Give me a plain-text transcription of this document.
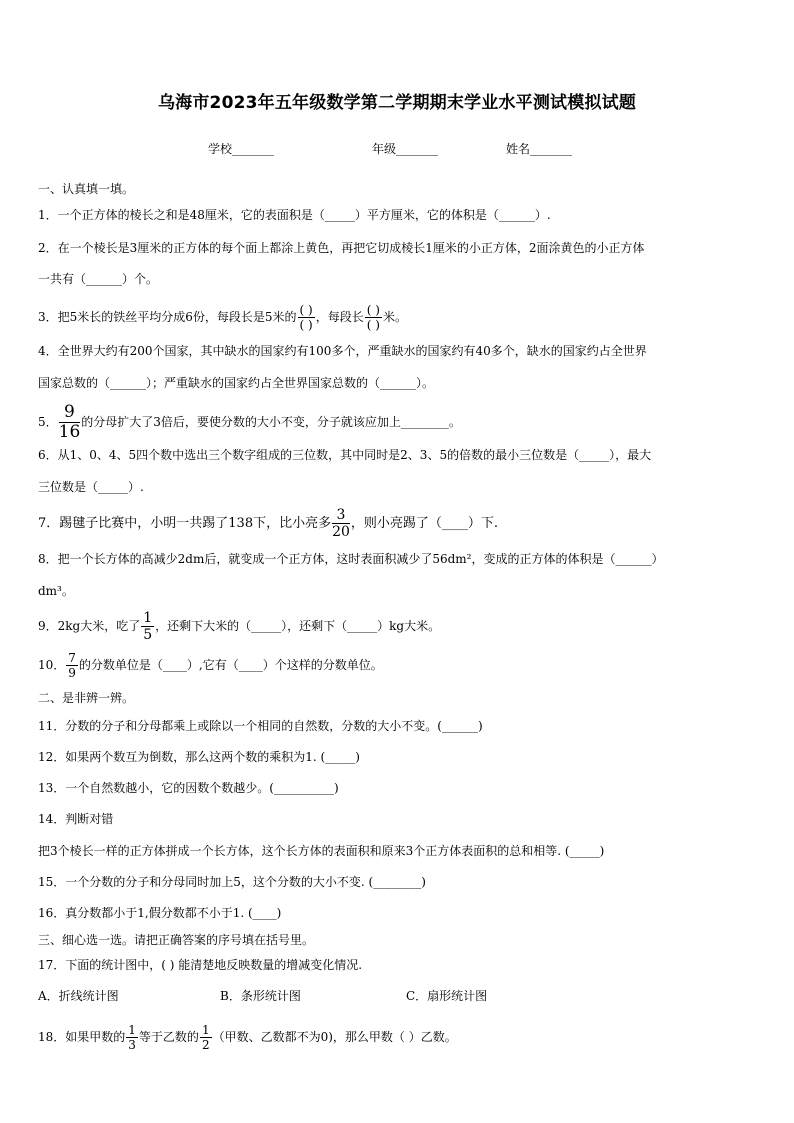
乌海市2023年五年级数学第二学期期末学业水平测试模拟试题
学校_______	年级_______	姓名_______
一、认真填一填。
1．一个正方体的棱长之和是48厘米，它的表面积是（_____）平方厘米，它的体积是（______）.
2．在一个棱长是3厘米的正方体的每个面上都涂上黄色，再把它切成棱长1厘米的小正方体，2面涂黄色的小正方体
一共有（______）个。
3．把5米长的铁丝平均分成6份，每段长是5米的 $\frac{( )}{( )}$ ，每段长 $\frac{( )}{( )}$ 米。
4．全世界大约有200个国家，其中缺水的国家约有100多个，严重缺水的国家约有40多个，缺水的国家约占全世界
国家总数的（______）；严重缺水的国家约占全世界国家总数的（______）。
5． $\frac{9}{16}$ 的分母扩大了3倍后，要使分数的大小不变，分子就该应加上________。
6．从1、0、4、5四个数中选出三个数字组成的三位数，其中同时是2、3、5的倍数的最小三位数是（_____），最大
三位数是（_____）.
7．踢毽子比赛中，小明一共踢了138下，比小亮多 $\frac{3}{20}$ ，则小亮踢了（____）下.
8．把一个长方体的高减少2dm后，就变成一个正方体，这时表面积减少了56dm²，变成的正方体的体积是（______）
dm³。
9．2kg大米，吃了 $\frac{1}{5}$ ，还剩下大米的（_____），还剩下（_____）kg大米。
10． $\frac{7}{9}$ 的分数单位是（____）,它有（____）个这样的分数单位。
二、是非辨一辨。
11．分数的分子和分母都乘上或除以一个相同的自然数，分数的大小不变。(______)
12．如果两个数互为倒数，那么这两个数的乘积为1. (_____)
13．一个自然数越小，它的因数个数越少。(__________)
14．判断对错
把3个棱长一样的正方体拼成一个长方体，这个长方体的表面积和原来3个正方体表面积的总和相等. (_____)
15．一个分数的分子和分母同时加上5，这个分数的大小不变. (________)
16．真分数都小于1,假分数都不小于1. (____)
三、细心选一选。请把正确答案的序号填在括号里。
17．下面的统计图中，( ) 能清楚地反映数量的增减变化情况.
A．折线统计图	B．条形统计图	C．扇形统计图
18．如果甲数的 $\frac{1}{3}$ 等于乙数的 $\frac{1}{2}$ （甲数、乙数都不为0)，那么甲数（ ）乙数。
